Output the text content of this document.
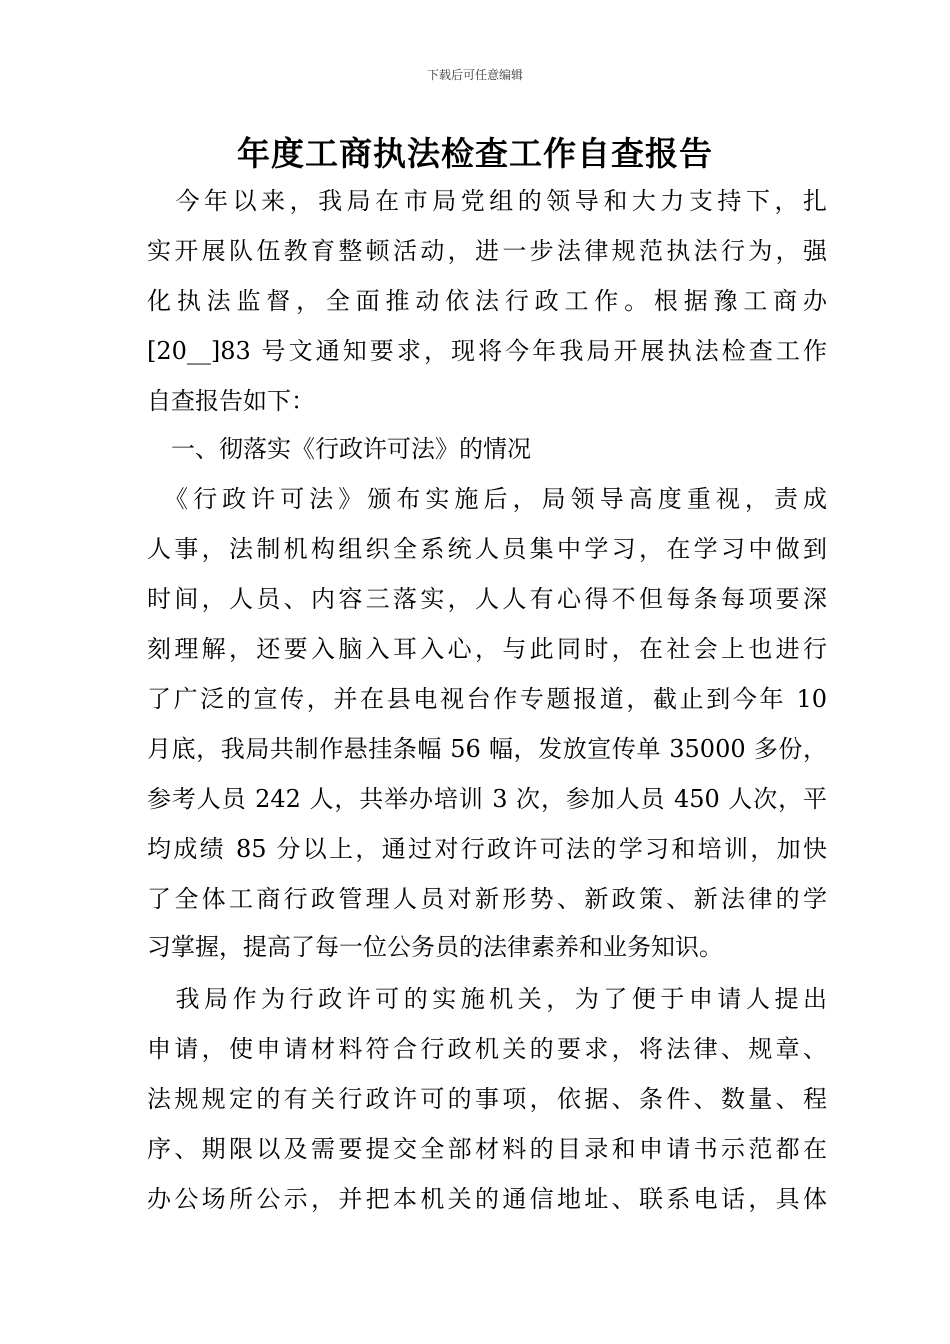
下载后可任意编辑
年度工商执法检查工作自查报告
　今年以来，我局在市局党组的领导和大力支持下，扎
实开展队伍教育整顿活动，进一步法律规范执法行为，强
化执法监督，全面推动依法行政工作。根据豫工商办
[20__]83 号文通知要求，现将今年我局开展执法检查工作
自查报告如下：
　一、彻落实《行政许可法》的情况
　《行政许可法》颁布实施后，局领导高度重视，责成
人事，法制机构组织全系统人员集中学习，在学习中做到
时间，人员、内容三落实，人人有心得不但每条每项要深
刻理解，还要入脑入耳入心，与此同时，在社会上也进行
了广泛的宣传，并在县电视台作专题报道，截止到今年 10
月底，我局共制作悬挂条幅 56 幅，发放宣传单 35000 多份，
参考人员 242 人，共举办培训 3 次，参加人员 450 人次，平
均成绩 85 分以上，通过对行政许可法的学习和培训，加快
了全体工商行政管理人员对新形势、新政策、新法律的学
习掌握，提高了每一位公务员的法律素养和业务知识。
　我局作为行政许可的实施机关，为了便于申请人提出
申请，使申请材料符合行政机关的要求，将法律、规章、
法规规定的有关行政许可的事项，依据、条件、数量、程
序、期限以及需要提交全部材料的目录和申请书示范都在
办公场所公示，并把本机关的通信地址、联系电话，具体
